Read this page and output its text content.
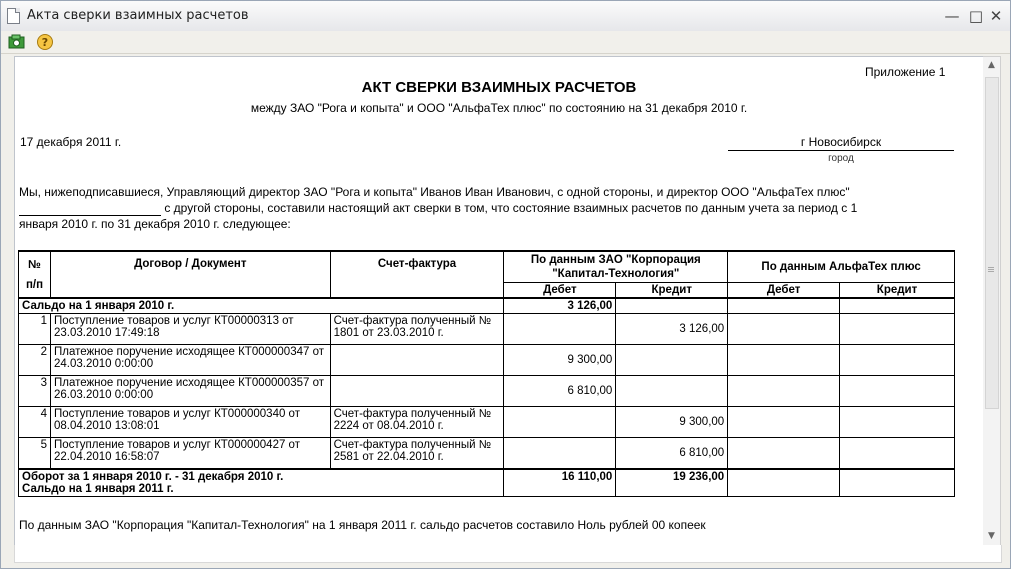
Акта сверки взаимных расчетов	— □ ✕
?
Приложение 1
АКТ СВЕРКИ ВЗАИМНЫХ РАСЧЕТОВ
между ЗАО "Рога и копыта" и ООО "АльфаТех плюс" по состоянию на 31 декабря 2010 г.
17 декабря 2011 г.	г Новосибирск
город
Мы, нижеподписавшиеся, Управляющий директор ЗАО "Рога и копыта" Иванов Иван Иванович, с одной стороны, и директор ООО "АльфаТех плюс"
с другой стороны, составили настоящий акт сверки в том, что состояние взаимных расчетов по данным учета за период с 1
января 2010 г. по 31 декабря 2010 г. следующее:
№
п/п	Договор / Документ	Счет-фактура	По данным ЗАО "Корпорация "Капитал-Технология"		По данным АльфаТех плюс	
			Дебет	Кредит	Дебет	Кредит
Сальдо на 1 января 2010 г.			3 126,00			
1	Поступление товаров и услуг КТ00000313 от 23.03.2010 17:49:18	Счет-фактура полученный № 1801 от 23.03.2010 г.		3 126,00		
2	Платежное поручение исходящее КТ000000347 от 24.03.2010 0:00:00		9 300,00			
3	Платежное поручение исходящее КТ000000357 от 26.03.2010 0:00:00		6 810,00			
4	Поступление товаров и услуг КТ000000340 от 08.04.2010 13:08:01	Счет-фактура полученный № 2224 от 08.04.2010 г.		9 300,00		
5	Поступление товаров и услуг КТ000000427 от 22.04.2010 16:58:07	Счет-фактура полученный № 2581 от 22.04.2010 г.		6 810,00		

Оборот за 1 января 2010 г. - 31 декабря 2010 г.
Сальдо на 1 января 2011 г.			16 110,00	19 236,00		
По данным ЗАО "Корпорация "Капитал-Технология" на 1 января 2011 г. сальдо расчетов составило Ноль рублей 00 копеек
▲
▼
